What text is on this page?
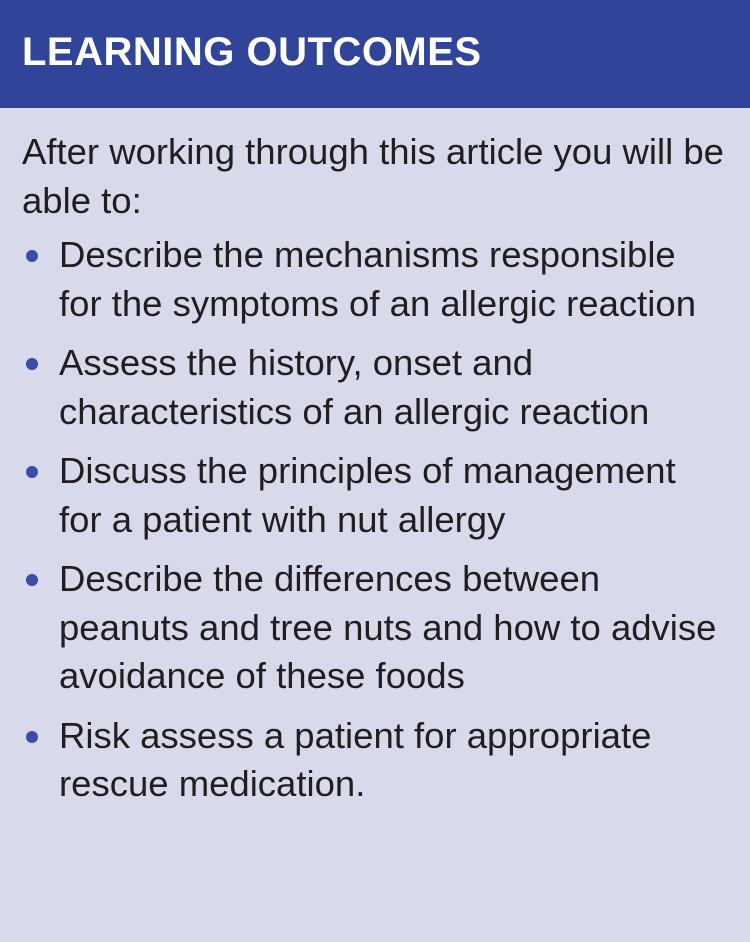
LEARNING OUTCOMES

After working through this article you will be able to:

Describe the mechanisms responsible for the symptoms of an allergic reaction
Assess the history, onset and characteristics of an allergic reaction
Discuss the principles of management for a patient with nut allergy
Describe the differences between peanuts and tree nuts and how to advise avoidance of these foods
Risk assess a patient for appropriate rescue medication.
